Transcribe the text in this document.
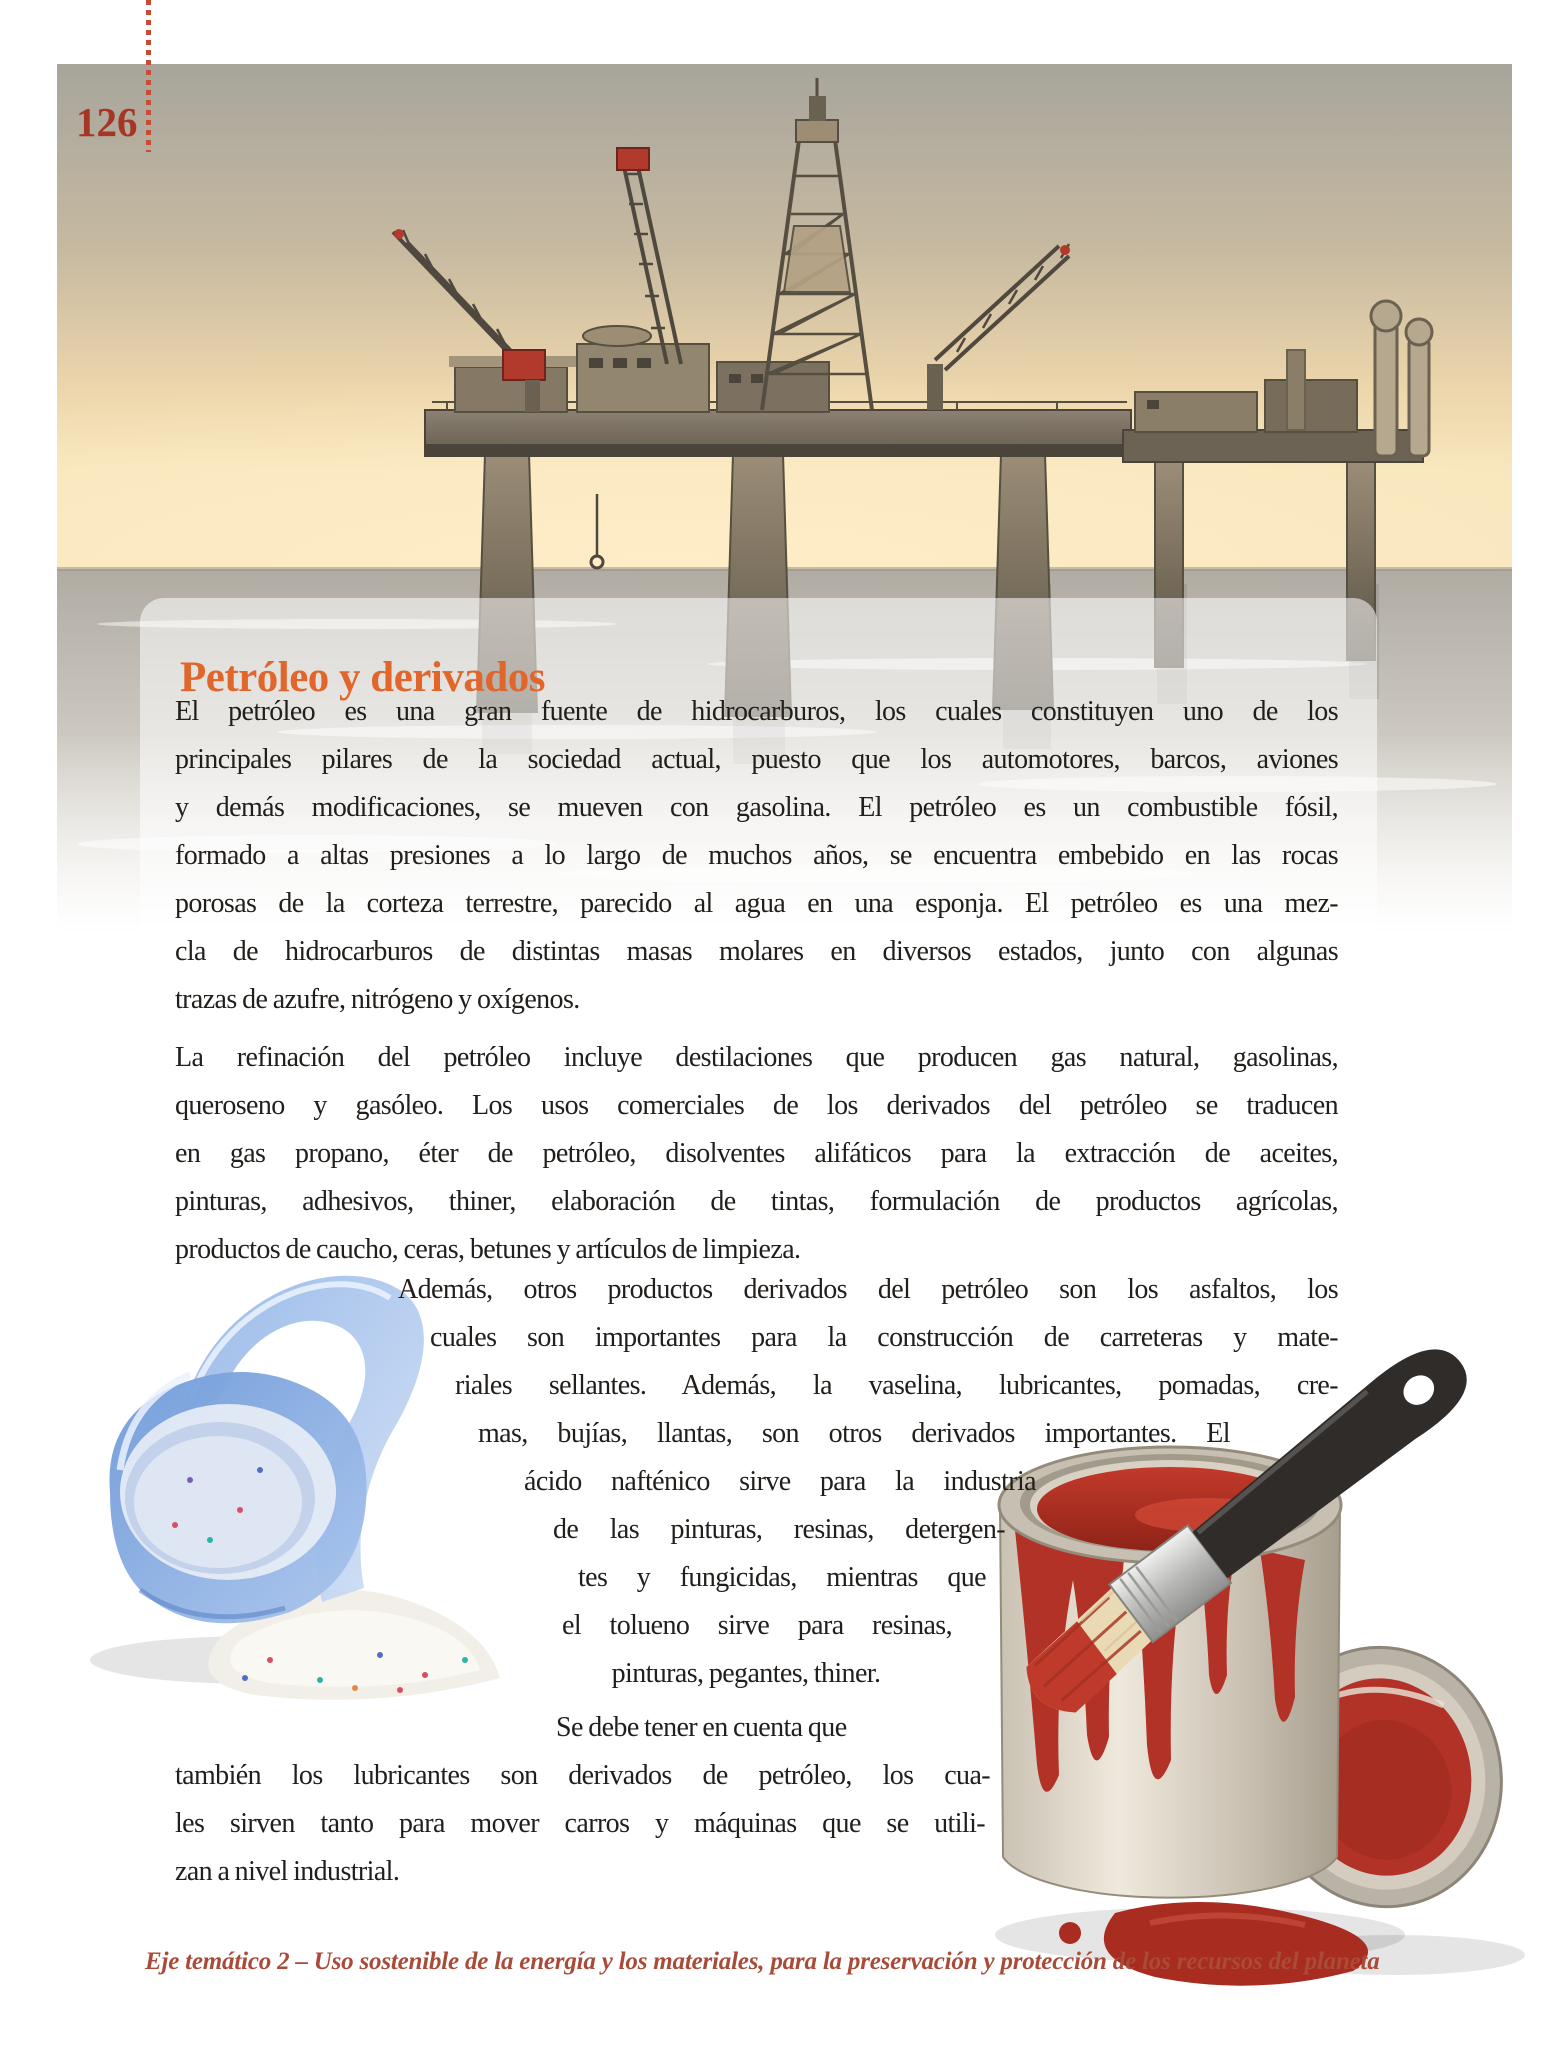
126
Petróleo y derivados
El petróleo es una gran fuente de hidrocarburos, los cuales constituyen uno de los
principales pilares de la sociedad actual, puesto que los automotores, barcos, aviones
y demás modificaciones, se mueven con gasolina. El petróleo es un combustible fósil,
formado a altas presiones a lo largo de muchos años, se encuentra embebido en las rocas
porosas de la corteza terrestre, parecido al agua en una esponja. El petróleo es una mez-
cla de hidrocarburos de distintas masas molares en diversos estados, junto con algunas
trazas de azufre, nitrógeno y oxígenos.
La refinación del petróleo incluye destilaciones que producen gas natural, gasolinas,
queroseno y gasóleo. Los usos comerciales de los derivados del petróleo se traducen
en gas propano, éter de petróleo, disolventes alifáticos para la extracción de aceites,
pinturas, adhesivos, thiner, elaboración de tintas, formulación de productos agrícolas,
productos de caucho, ceras, betunes y artículos de limpieza.
Además, otros productos derivados del petróleo son los asfaltos, los
cuales son importantes para la construcción de carreteras y mate-
riales sellantes. Además, la vaselina, lubricantes, pomadas, cre-
mas, bujías, llantas, son otros derivados importantes. El
ácido nafténico sirve para la industria
de las pinturas, resinas, detergen-
tes y fungicidas, mientras que
el tolueno sirve para resinas,
pinturas, pegantes, thiner.
Se debe tener en cuenta que
también los lubricantes son derivados de petróleo, los cua-
les sirven tanto para mover carros y máquinas que se utili-
zan a nivel industrial.
Eje temático 2 – Uso sostenible de la energía y los materiales, para la preservación y protección de los recursos del planeta
